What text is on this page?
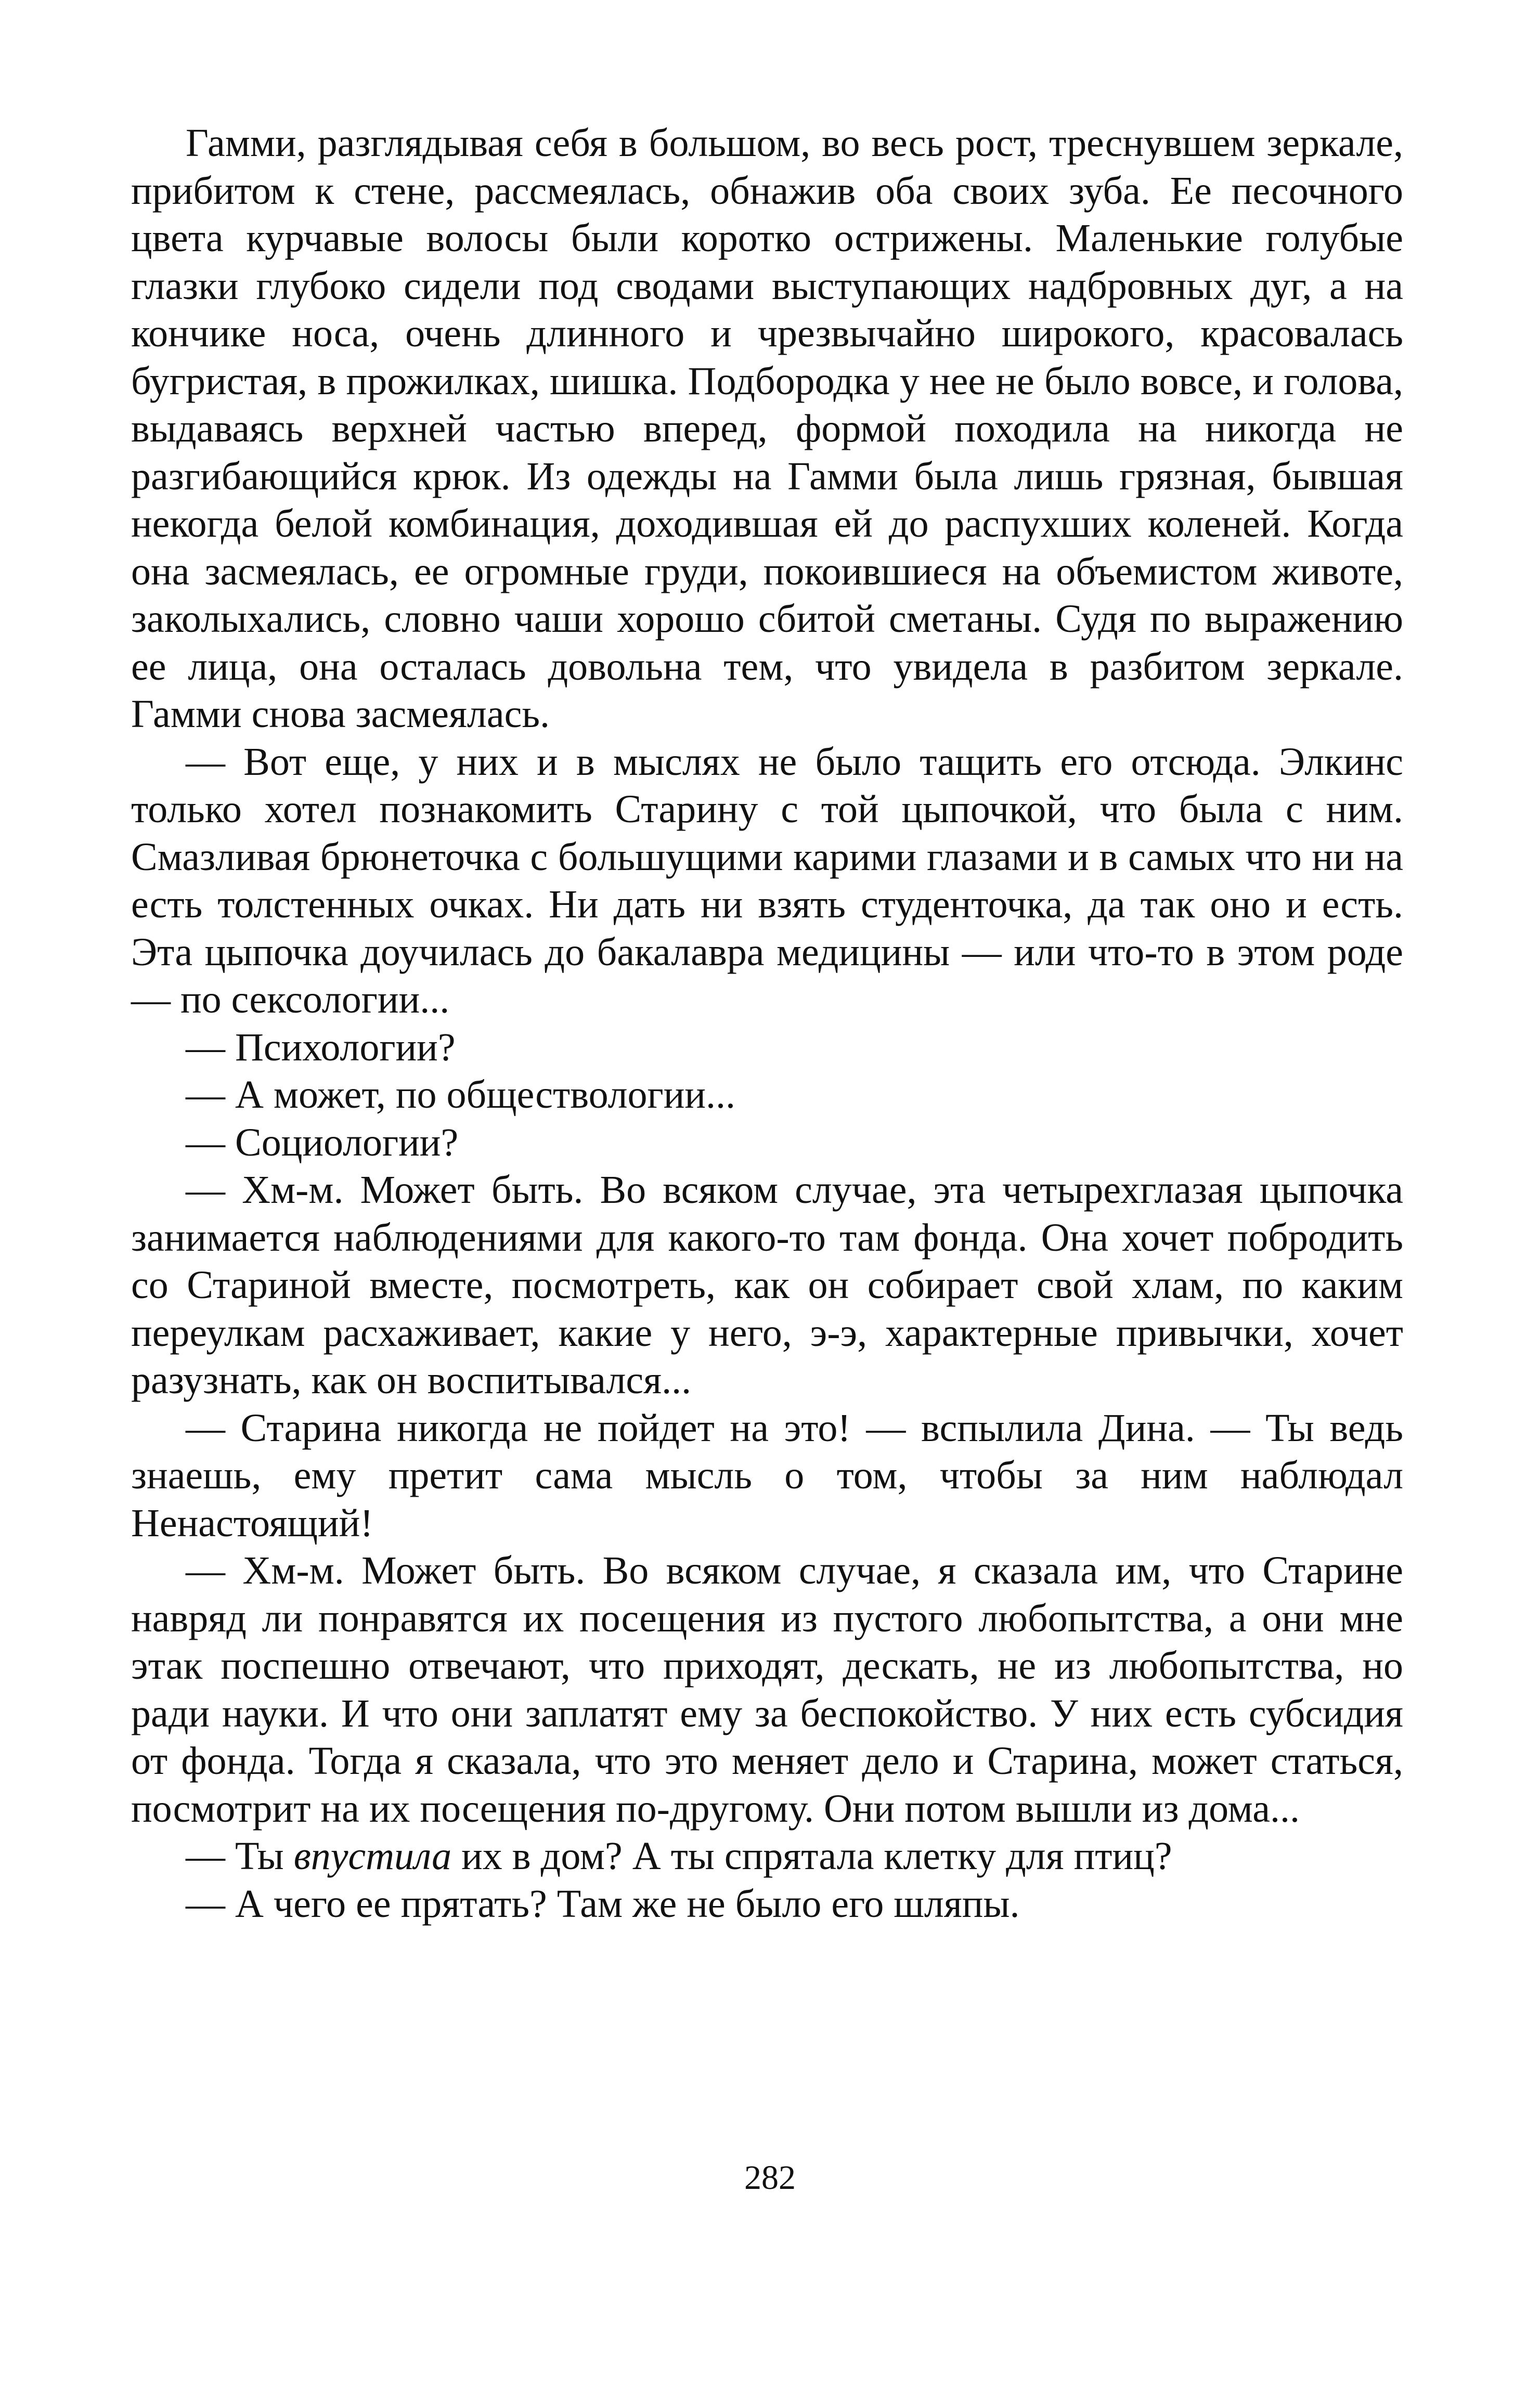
Гамми, разглядывая себя в большом, во весь рост, треснувшем зеркале, прибитом к стене, рассмеялась, обнажив оба своих зуба. Ее песочного цвета курчавые волосы были коротко острижены. Маленькие голубые глазки глубоко сидели под сводами выступающих надбровных дуг, а на кончике носа, очень длинного и чрезвычайно широкого, красовалась бугристая, в прожилках, шишка. Подбородка у нее не было вовсе, и голова, выдаваясь верхней частью вперед, формой походила на никогда не разгибающийся крюк. Из одежды на Гамми была лишь грязная, бывшая некогда белой комбинация, доходившая ей до распухших коленей. Когда она засмеялась, ее огромные груди, покоившиеся на объемистом животе, заколыхались, словно чаши хорошо сбитой сметаны. Судя по выражению ее лица, она осталась довольна тем, что увидела в разбитом зеркале. Гамми снова засмеялась.

— Вот еще, у них и в мыслях не было тащить его отсюда. Элкинс только хотел познакомить Старину с той цыпочкой, что была с ним. Смазливая брюнеточка с большущими карими глазами и в самых что ни на есть толстенных очках. Ни дать ни взять студенточка, да так оно и есть. Эта цыпочка доучилась до бакалавра медицины — или что-то в этом роде — по сексологии...

— Психологии?

— А может, по обществологии...

— Социологии?

— Хм-м. Может быть. Во всяком случае, эта четырехглазая цыпочка занимается наблюдениями для какого-то там фонда. Она хочет побродить со Стариной вместе, посмотреть, как он собирает свой хлам, по каким переулкам расхаживает, какие у него, э-э, характерные привычки, хочет разузнать, как он воспитывался...

— Старина никогда не пойдет на это! — вспылила Дина. — Ты ведь знаешь, ему претит сама мысль о том, чтобы за ним наблюдал Ненастоящий!

— Хм-м. Может быть. Во всяком случае, я сказала им, что Старине навряд ли понравятся их посещения из пустого любопытства, а они мне этак поспешно отвечают, что приходят, дескать, не из любопытства, но ради науки. И что они заплатят ему за беспокойство. У них есть субсидия от фонда. Тогда я сказала, что это меняет дело и Старина, может статься, посмотрит на их посещения по-другому. Они потом вышли из дома...

— Ты впустила их в дом? А ты спрятала клетку для птиц?

— А чего ее прятать? Там же не было его шляпы.

282
